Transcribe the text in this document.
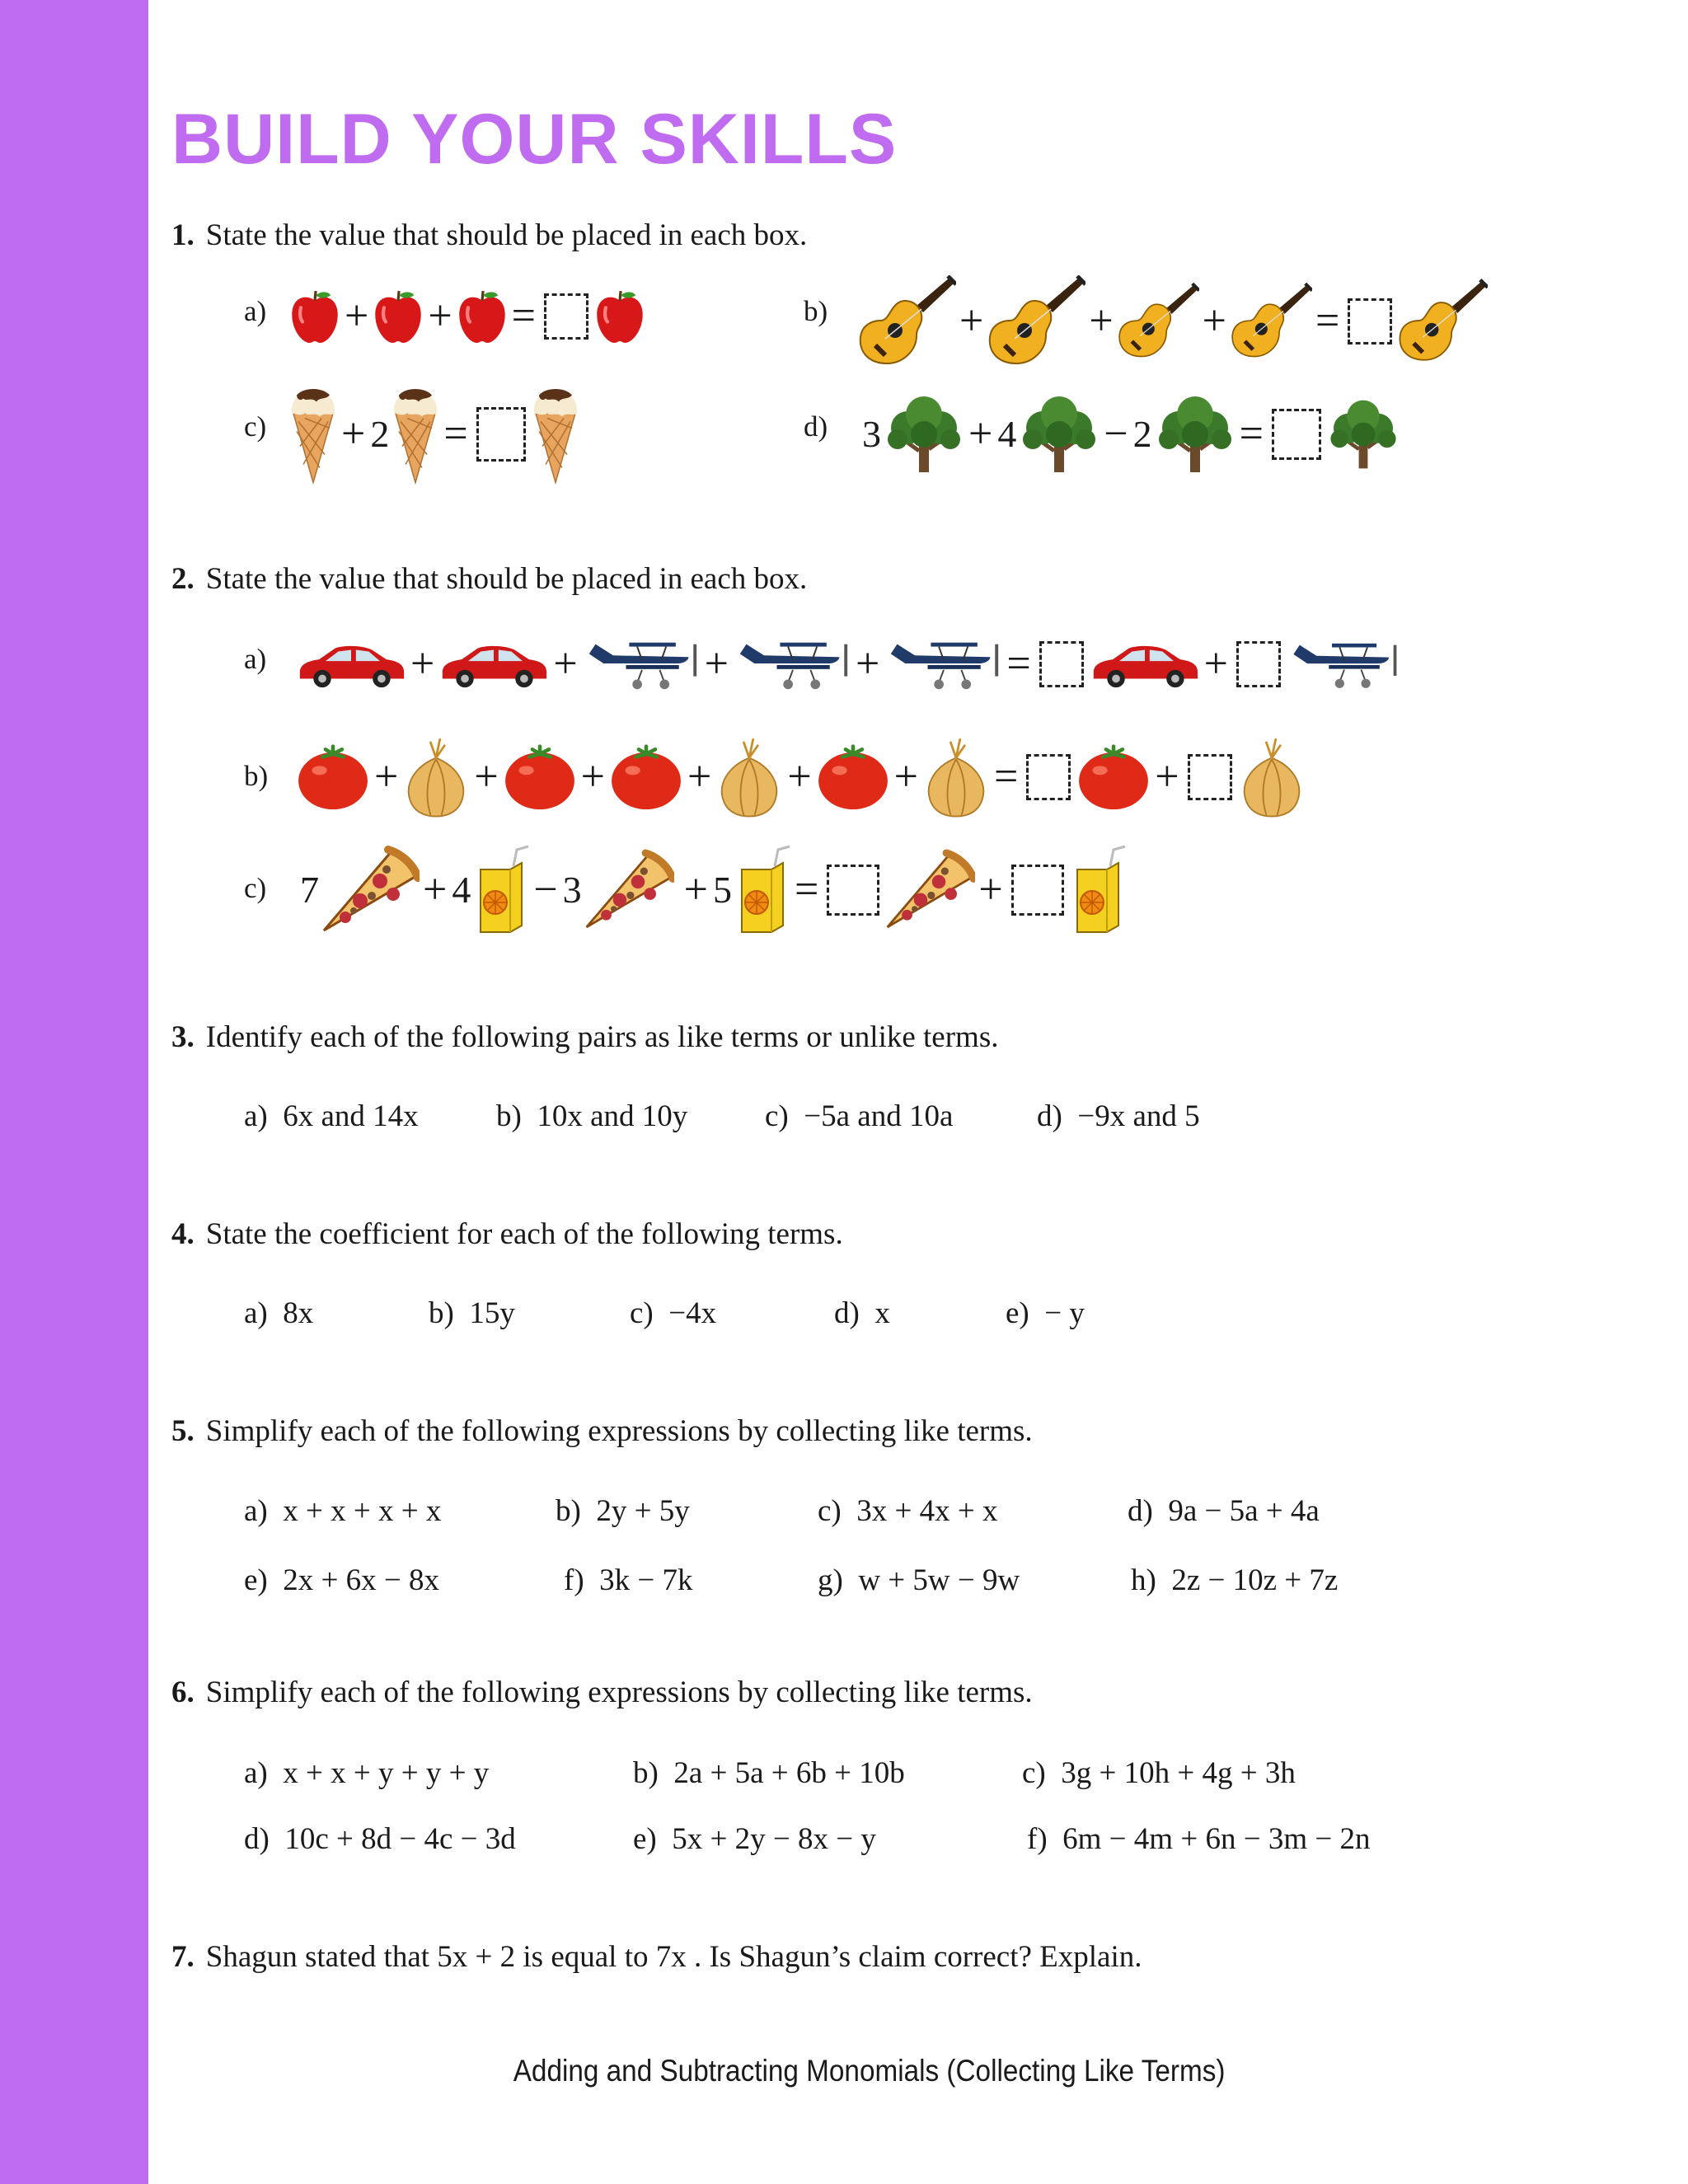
BUILD YOUR SKILLS
1. State the value that should be placed in each box.
a) + + =	b)	+ + + =
c) + 2 =	d) 3 + 4 − 2 =
2. State the value that should be placed in each box.
a)	+	+	+	+	=	+
b) + + + + + + =	+
c) 7 + 4 − 3 + 5 =	+
3. Identify each of the following pairs as like terms or unlike terms.
a) 6x and 14x	b) 10x and 10y	c) −5a and 10a	d) −9x and 5
4. State the coefficient for each of the following terms.
a) 8x	b) 15y	c) −4x	d) x	e) − y
5. Simplify each of the following expressions by collecting like terms.
a) x + x + x + x	b) 2y + 5y	c) 3x + 4x + x	d) 9a − 5a + 4a
e) 2x + 6x − 8x	f) 3k − 7k	g) w + 5w − 9w	h) 2z − 10z + 7z
6. Simplify each of the following expressions by collecting like terms.
a) x + x + y + y + y	b) 2a + 5a + 6b + 10b	c) 3g + 10h + 4g + 3h
d) 10c + 8d − 4c − 3d	e) 5x + 2y − 8x − y	f) 6m − 4m + 6n − 3m − 2n
7. Shagun stated that 5x + 2 is equal to 7x . Is Shagun’s claim correct? Explain.
Adding and Subtracting Monomials (Collecting Like Terms)
